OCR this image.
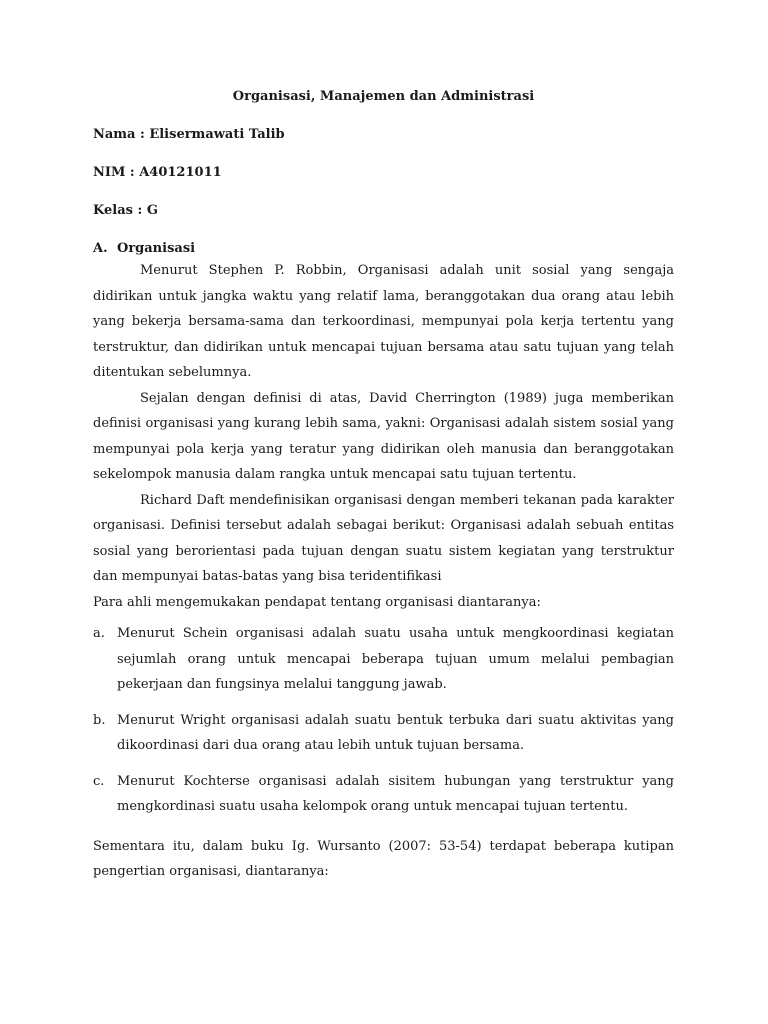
Organisasi, Manajemen dan Administrasi

Nama : Elisermawati Talib

NIM : A40121011

Kelas : G

A. Organisasi

Menurut Stephen P. Robbin, Organisasi adalah unit sosial yang sengaja didirikan untuk jangka waktu yang relatif lama, beranggotakan dua orang atau lebih yang bekerja bersama-sama dan terkoordinasi, mempunyai pola kerja tertentu yang terstruktur, dan didirikan untuk mencapai tujuan bersama atau satu tujuan yang telah ditentukan sebelumnya.

Sejalan dengan definisi di atas, David Cherrington (1989) juga memberikan definisi organisasi yang kurang lebih sama, yakni: Organisasi adalah sistem sosial yang mempunyai pola kerja yang teratur yang didirikan oleh manusia dan beranggotakan sekelompok manusia dalam rangka untuk mencapai satu tujuan tertentu.

Richard Daft mendefinisikan organisasi dengan memberi tekanan pada karakter organisasi. Definisi tersebut adalah sebagai berikut: Organisasi adalah sebuah entitas sosial yang berorientasi pada tujuan dengan suatu sistem kegiatan yang terstruktur dan mempunyai batas-batas yang bisa teridentifikasi

Para ahli mengemukakan pendapat tentang organisasi diantaranya:

a. Menurut Schein organisasi adalah suatu usaha untuk mengkoordinasi kegiatan sejumlah orang untuk mencapai beberapa tujuan umum melalui pembagian pekerjaan dan fungsinya melalui tanggung jawab.
b. Menurut Wright organisasi adalah suatu bentuk terbuka dari suatu aktivitas yang dikoordinasi dari dua orang atau lebih untuk tujuan bersama.
c. Menurut Kochterse organisasi adalah sisitem hubungan yang terstruktur yang mengkordinasi suatu usaha kelompok orang untuk mencapai tujuan tertentu.

Sementara itu, dalam buku Ig. Wursanto (2007: 53-54) terdapat beberapa kutipan pengertian organisasi, diantaranya:
